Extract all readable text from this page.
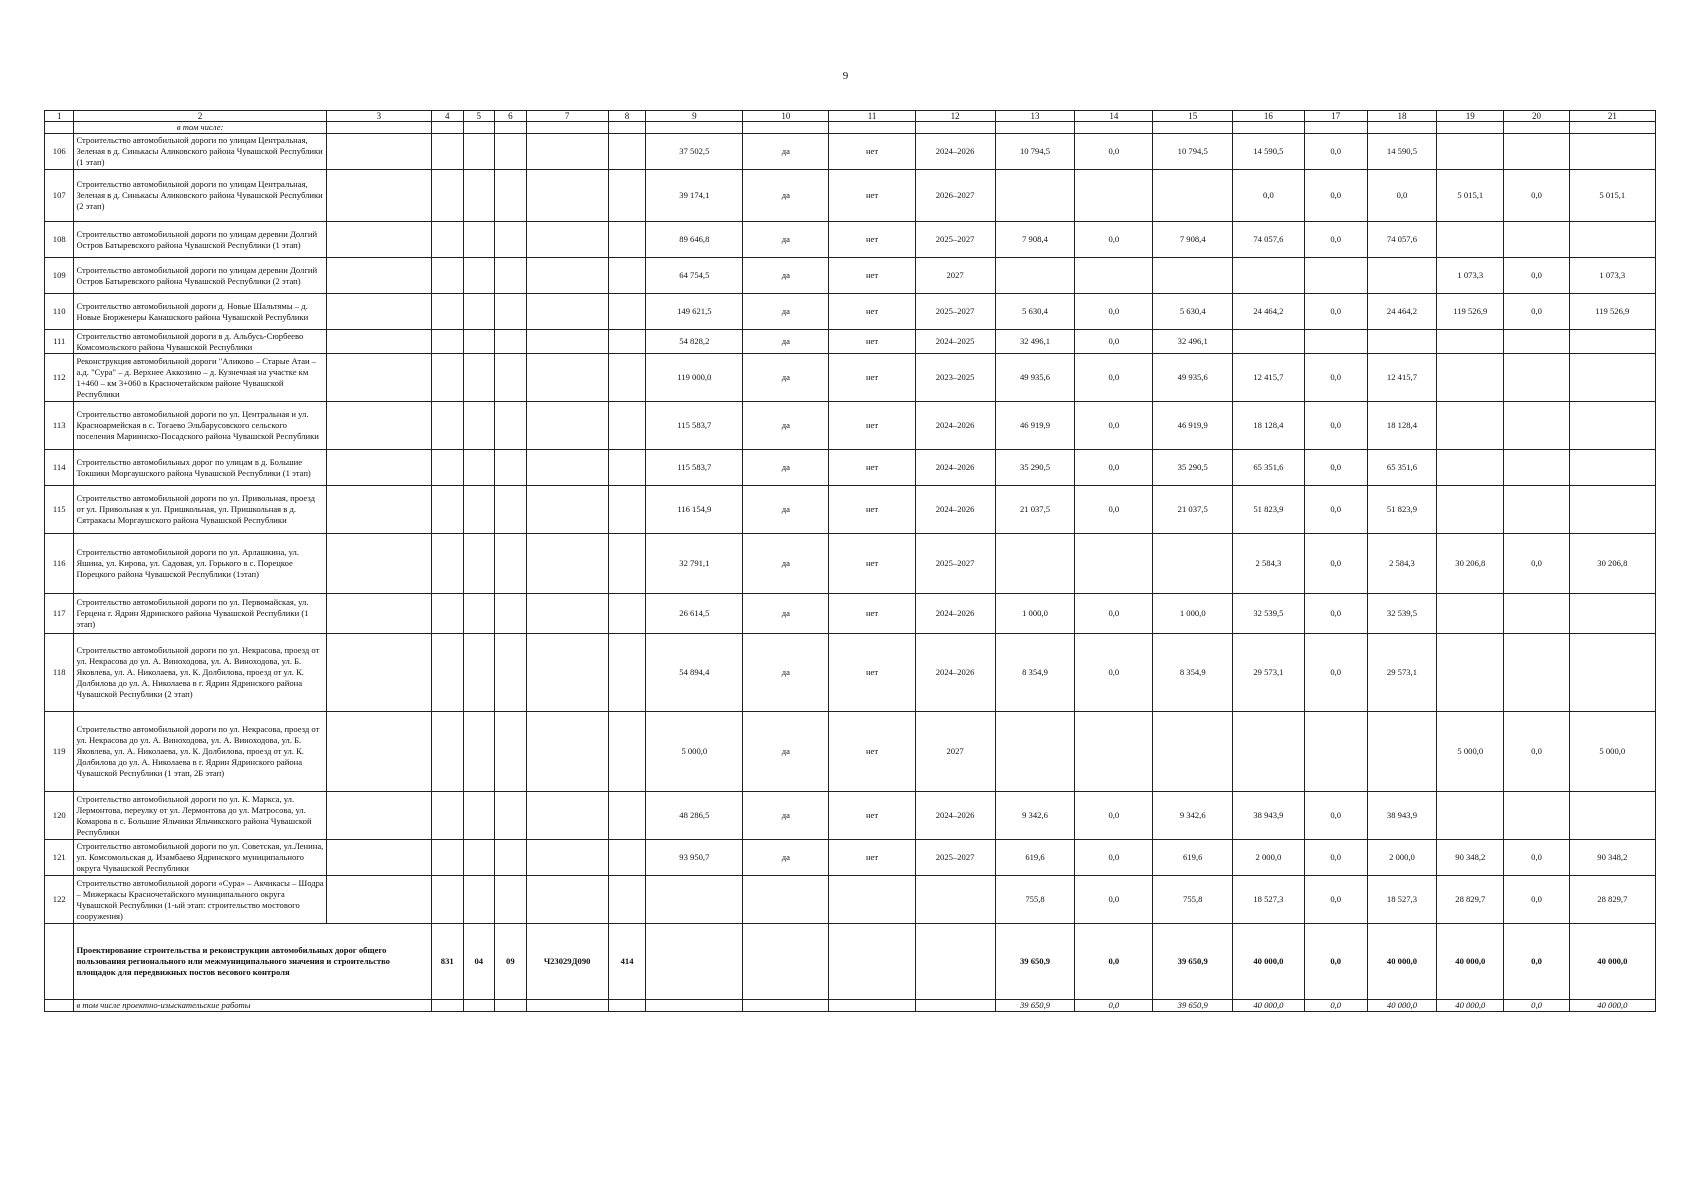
9
1	2	3	4	5	6	7	8	9	10	11	12	13	14	15	16	17	18	19	20	21
	в том числе:																			
106	Строительство автомобильной дороги по улицам Центральная, Зеленая в д. Синькасы Аликовского района Чувашской Республики (1 этап)							37 502,5	да	нет	2024–2026	10 794,5	0,0	10 794,5	14 590,5	0,0	14 590,5			
107	Строительство автомобильной дороги по улицам Центральная, Зеленая в д. Синькасы Аликовского района Чувашской Республики (2 этап)							39 174,1	да	нет	2026–2027				0,0	0,0	0,0	5 015,1	0,0	5 015,1
108	Строительство автомобильной дороги по улицам деревни Долгий Остров Батыревского района Чувашской Республики (1 этап)							89 646,8	да	нет	2025–2027	7 908,4	0,0	7 908,4	74 057,6	0,0	74 057,6			
109	Строительство автомобильной дороги по улицам деревни Долгий Остров Батыревского района Чувашской Республики (2 этап)							64 754,5	да	нет	2027							1 073,3	0,0	1 073,3
110	Строительство автомобильной дороги д. Новые Шальтямы – д. Новые Бюрженеры Канашского района Чувашской Республики							149 621,5	да	нет	2025–2027	5 630,4	0,0	5 630,4	24 464,2	0,0	24 464,2	119 526,9	0,0	119 526,9
111	Строительство автомобильной дороги в д. Альбусь-Сюрбеево Комсомольского района Чувашской Республики							54 828,2	да	нет	2024–2025	32 496,1	0,0	32 496,1						
112	Реконструкция автомобильной дороги "Аликово – Старые Атаи – а.д. "Сура" – д. Верхнее Аккозино – д. Кузнечная на участке км 1+460 – км 3+060 в Красночетайском районе Чувашской Республики							119 000,0	да	нет	2023–2025	49 935,6	0,0	49 935,6	12 415,7	0,0	12 415,7			
113	Строительство автомобильной дороги по ул. Центральная и ул. Красноармейская в с. Тогаево Эльбарусовского сельского поселения Мариинско-Посадского района Чувашской Республики							115 583,7	да	нет	2024–2026	46 919,9	0,0	46 919,9	18 128,4	0,0	18 128,4			
114	Строительство автомобильных дорог по улицам в д. Большие Токшики Моргаушского района Чувашской Республики (1 этап)							115 583,7	да	нет	2024–2026	35 290,5	0,0	35 290,5	65 351,6	0,0	65 351,6			
115	Строительство автомобильной дороги по ул. Привольная, проезд от ул. Привольная к ул. Пришкольная, ул. Пришкольная в д. Сятракасы Моргаушского района Чувашской Республики							116 154,9	да	нет	2024–2026	21 037,5	0,0	21 037,5	51 823,9	0,0	51 823,9			
116	Строительство автомобильной дороги по ул. Арлашкина, ул. Яшина, ул. Кирова, ул. Садовая, ул. Горького в с. Порецкое Порецкого района Чувашской Республики (1этап)							32 791,1	да	нет	2025–2027				2 584,3	0,0	2 584,3	30 206,8	0,0	30 206,8
117	Строительство автомобильной дороги по ул. Первомайская, ул. Герцена г. Ядрин Ядринского района Чувашской Республики (1 этап)							26 614,5	да	нет	2024–2026	1 000,0	0,0	1 000,0	32 539,5	0,0	32 539,5			
118	Строительство автомобильной дороги по ул. Некрасова, проезд от ул. Некрасова до ул. А. Виноходова, ул. А. Виноходова, ул. Б. Яковлева, ул. А. Николаева, ул. К. Долбилова, проезд от ул. К. Долбилова до ул. А. Николаева в г. Ядрин Ядринского района Чувашской Республики (2 этап)							54 894,4	да	нет	2024–2026	8 354,9	0,0	8 354,9	29 573,1	0,0	29 573,1			
119	Строительство автомобильной дороги по ул. Некрасова, проезд от ул. Некрасова до ул. А. Виноходова, ул. А. Виноходова, ул. Б. Яковлева, ул. А. Николаева, ул. К. Долбилова, проезд от ул. К. Долбилова до ул. А. Николаева в г. Ядрин Ядринского района Чувашской Республики (1 этап, 2Б этап)							5 000,0	да	нет	2027							5 000,0	0,0	5 000,0
120	Строительство автомобильной дороги по ул. К. Маркса, ул. Лермонтова, переулку от ул. Лермонтова до ул. Матросова, ул. Комарова в с. Большие Яльчики Яльчикского района Чувашской Республики							48 286,5	да	нет	2024–2026	9 342,6	0,0	9 342,6	38 943,9	0,0	38 943,9			
121	Строительство автомобильной дороги по ул. Советская, ул.Ленина, ул. Комсомольская д. Изамбаево Ядринского муниципального округа Чувашской Республики							93 950,7	да	нет	2025–2027	619,6	0,0	619,6	2 000,0	0,0	2 000,0	90 348,2	0,0	90 348,2
122	Строительство автомобильной дороги «Сура» – Акчикасы – Шодра – Мижеркасы Красночетайского муниципального округа Чувашской Республики (1-ый этап: строительство мостового сооружения)											755,8	0,0	755,8	18 527,3	0,0	18 527,3	28 829,7	0,0	28 829,7
	Проектирование строительства и реконструкции автомобильных дорог общего пользования регионального или межмуниципального значения и строительство площадок для передвижных постов весового контроля		831	04	09	Ч23029Д090	414					39 650,9	0,0	39 650,9	40 000,0	0,0	40 000,0	40 000,0	0,0	40 000,0
	в том числе проектно-изыскательские работы											39 650,9	0,0	39 650,9	40 000,0	0,0	40 000,0	40 000,0	0,0	40 000,0
